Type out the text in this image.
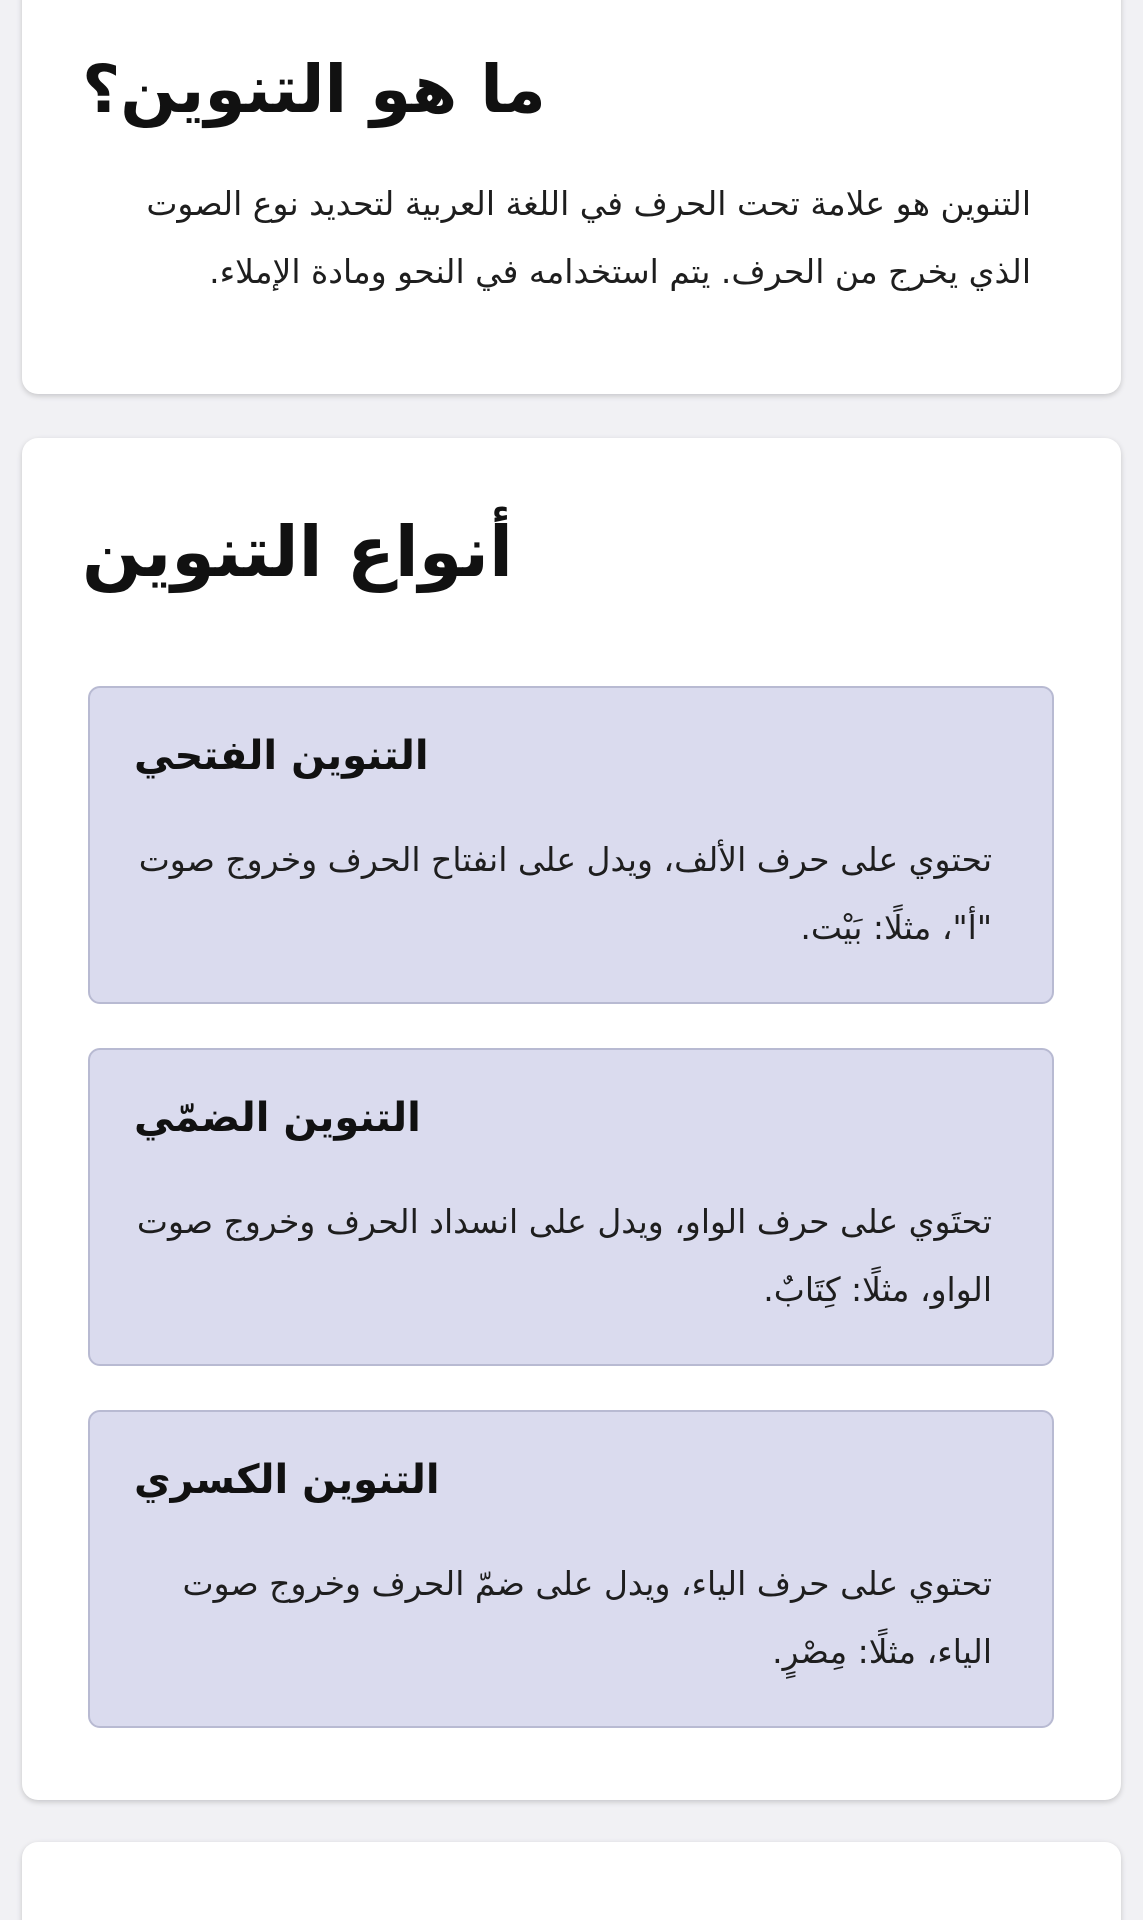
ما هو التنوين؟

التنوين هو علامة تحت الحرف في اللغة العربية لتحديد نوع الصوت الذي يخرج من الحرف. يتم استخدامه في النحو ومادة الإملاء.

أنواع التنوين
التنوين الفتحي

تحتوي على حرف الألف، ويدل على انفتاح الحرف وخروج صوت "أ"، مثلًا: بَيْت.

التنوين الضمّي

تحتَوي على حرف الواو، ويدل على انسداد الحرف وخروج صوت الواو، مثلًا: كِتَابٌ.

التنوين الكسري

تحتوي على حرف الياء، ويدل على ضمّ الحرف وخروج صوت الياء، مثلًا: مِصْرٍ.
